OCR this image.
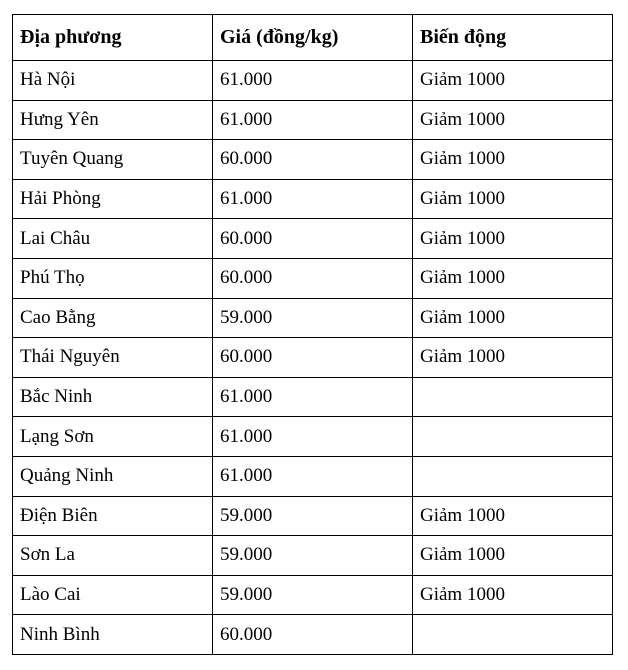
Địa phương	Giá (đồng/kg)	Biến động
Hà Nội	61.000	Giảm 1000
Hưng Yên	61.000	Giảm 1000
Tuyên Quang	60.000	Giảm 1000
Hải Phòng	61.000	Giảm 1000
Lai Châu	60.000	Giảm 1000
Phú Thọ	60.000	Giảm 1000
Cao Bằng	59.000	Giảm 1000
Thái Nguyên	60.000	Giảm 1000
Bắc Ninh	61.000	
Lạng Sơn	61.000	
Quảng Ninh	61.000	
Điện Biên	59.000	Giảm 1000
Sơn La	59.000	Giảm 1000
Lào Cai	59.000	Giảm 1000
Ninh Bình	60.000	
